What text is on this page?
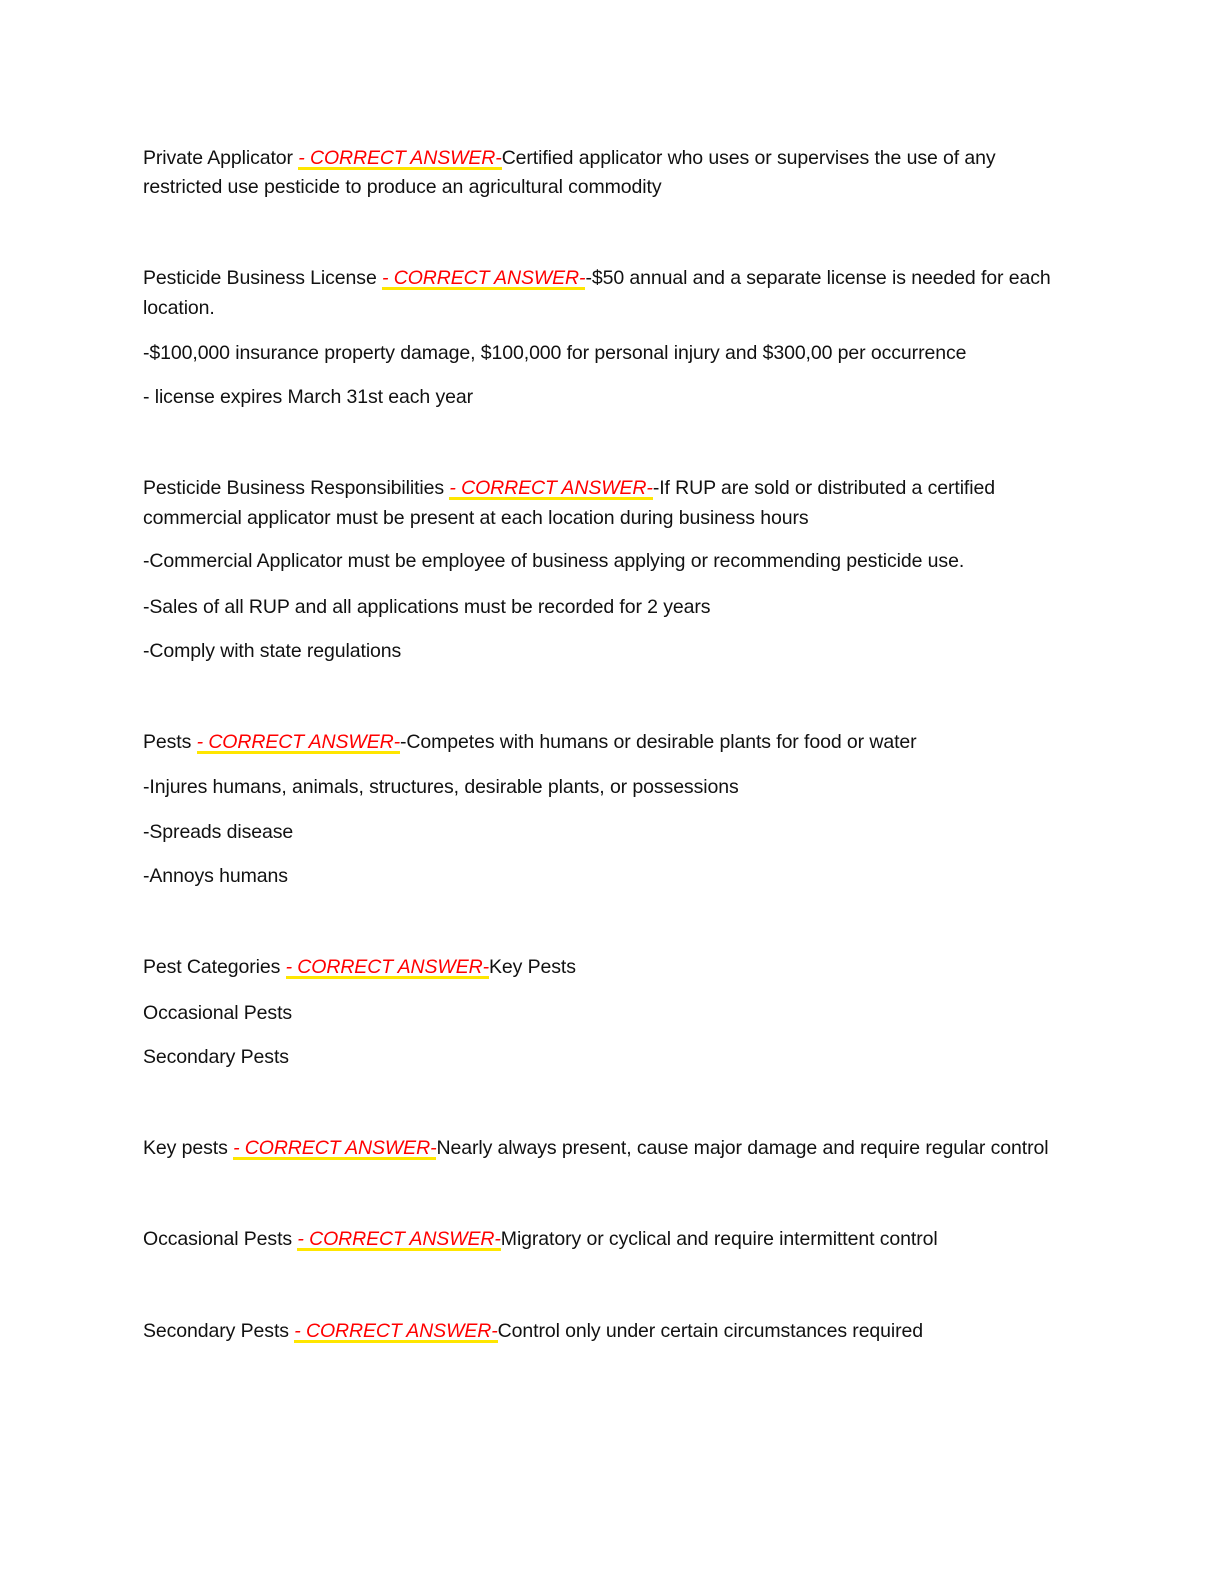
Private Applicator - CORRECT ANSWER-Certified applicator who uses or supervises the use of any
restricted use pesticide to produce an agricultural commodity
Pesticide Business License - CORRECT ANSWER--$50 annual and a separate license is needed for each
location.
-$100,000 insurance property damage, $100,000 for personal injury and $300,00 per occurrence
- license expires March 31st each year
Pesticide Business Responsibilities - CORRECT ANSWER--If RUP are sold or distributed a certified
commercial applicator must be present at each location during business hours
-Commercial Applicator must be employee of business applying or recommending pesticide use.
-Sales of all RUP and all applications must be recorded for 2 years
-Comply with state regulations
Pests - CORRECT ANSWER--Competes with humans or desirable plants for food or water
-Injures humans, animals, structures, desirable plants, or possessions
-Spreads disease
-Annoys humans
Pest Categories - CORRECT ANSWER-Key Pests
Occasional Pests
Secondary Pests
Key pests - CORRECT ANSWER-Nearly always present, cause major damage and require regular control
Occasional Pests - CORRECT ANSWER-Migratory or cyclical and require intermittent control
Secondary Pests - CORRECT ANSWER-Control only under certain circumstances required
